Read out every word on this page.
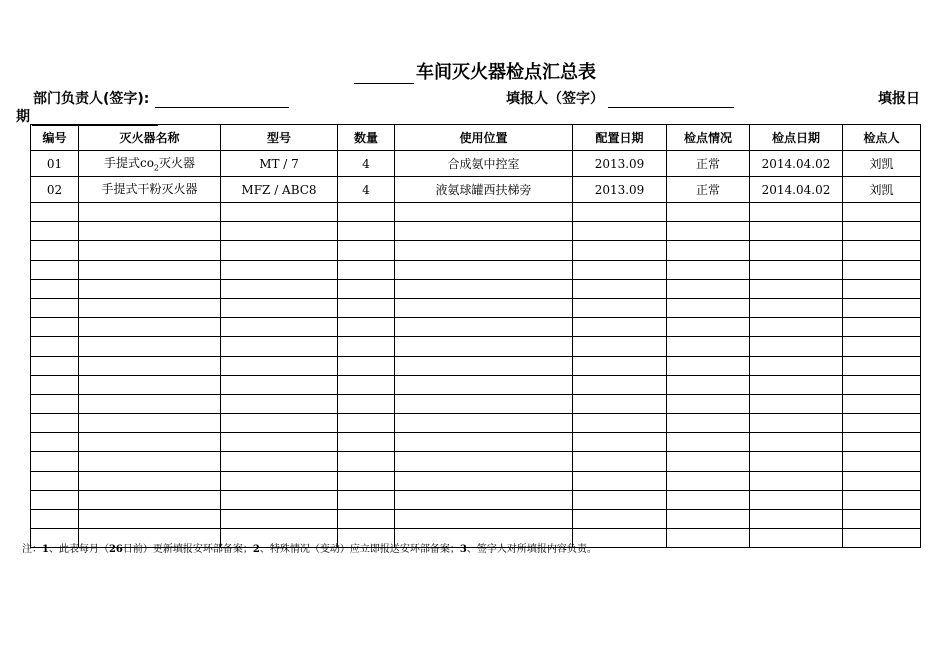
车间灭火器检点汇总表
部门负责人(签字):	填报人（签字）	填报日
期
编号	灭火器名称	型号	数量	使用位置	配置日期	检点情况	检点日期	检点人
01	手提式$co_2$灭火器	MT / 7	4	合成氨中控室	2013.09	正常	2014.04.02	刘凯
02	手提式干粉灭火器	MFZ / ABC8	4	液氨球罐西扶梯旁	2013.09	正常	2014.04.02	刘凯

注：1、此表每月（26日前）更新填报安环部备案；2、特殊情况（变动）应立即报送安环部备案；3、签字人对所填报内容负责。
